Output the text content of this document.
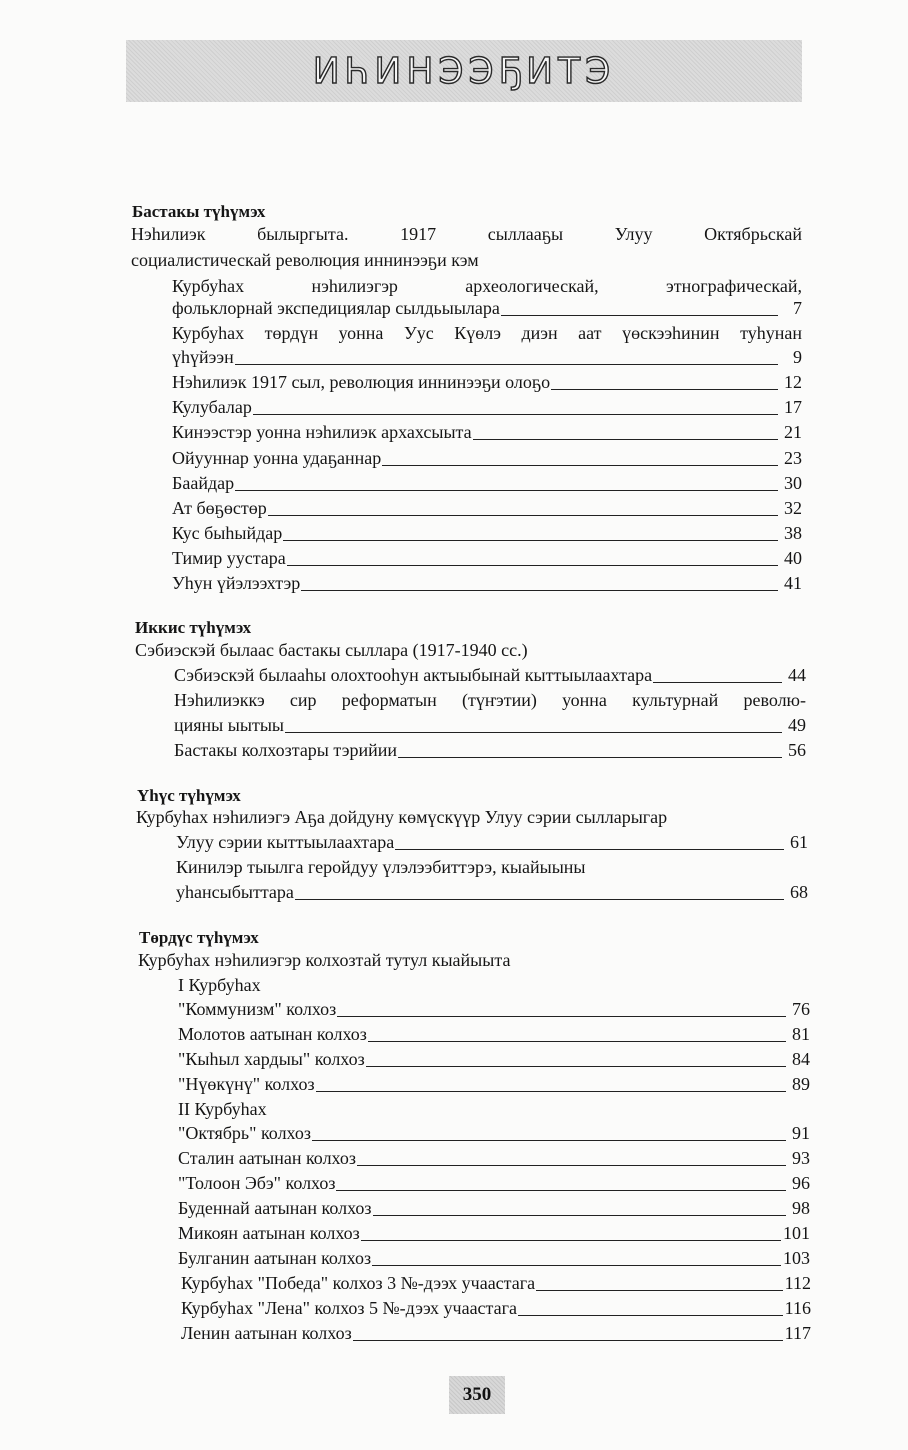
ИҺИНЭЭҔИТЭ
Бастакы түһүмэх
Нэһилиэк былыргыта. 1917 сыллааҕы Улуу Октябрьскай
социалистическай революция иннинээҕи кэм
Курбуһах нэһилиэгэр археологическай, этнографическай,
фольклорнай экспедициялар сылдьыылара	7
Курбуһах төрдүн уонна Уус Күөлэ диэн аат үөскээһинин туһунан
үһүйээн	9
Нэһилиэк 1917 сыл, революция иннинээҕи олоҕо	12
Кулубалар	17
Кинээстэр уонна нэһилиэк архахсыыта	21
Ойууннар уонна удаҕаннар	23
Баайдар	30
Ат бөҕөстөр	32
Кус быһыйдар	38
Тимир уустара	40
Уһун үйэлээхтэр	41
Иккис түһүмэх
Сэбиэскэй былаас бастакы сыллара (1917-1940 сс.)
Сэбиэскэй былааһы олохтооһун актыыбынай кыттыылаахтара	44
Нэһилиэккэ сир реформатын (түҥэтии) уонна культурнай револю-
цияны ыытыы	49
Бастакы колхозтары тэрийии	56
Үһүс түһүмэх
Курбуһах нэһилиэгэ Аҕа дойдуну көмүскүүр Улуу сэрии сылларыгар
Улуу сэрии кыттыылаахтара	61
Кинилэр тыылга геройдуу үлэлээбиттэрэ, кыайыыны
уһансыбыттара	68
Төрдүс түһүмэх
Курбуһах нэһилиэгэр колхозтай тутул кыайыыта
I Курбуһах
"Коммунизм" колхоз	76
Молотов аатынан колхоз	81
"Кыһыл хардыы" колхоз	84
"Нүөкүнү" колхоз	89
II Курбуһах
"Октябрь" колхоз	91
Сталин аатынан колхоз	93
"Толоон Эбэ" колхоз	96
Буденнай аатынан колхоз	98
Микоян аатынан колхоз	101
Булганин аатынан колхоз	103
Курбуһах "Победа" колхоз 3 №-дээх учаастага	112
Курбуһах "Лена" колхоз 5 №-дээх учаастага	116
Ленин аатынан колхоз	117
350
